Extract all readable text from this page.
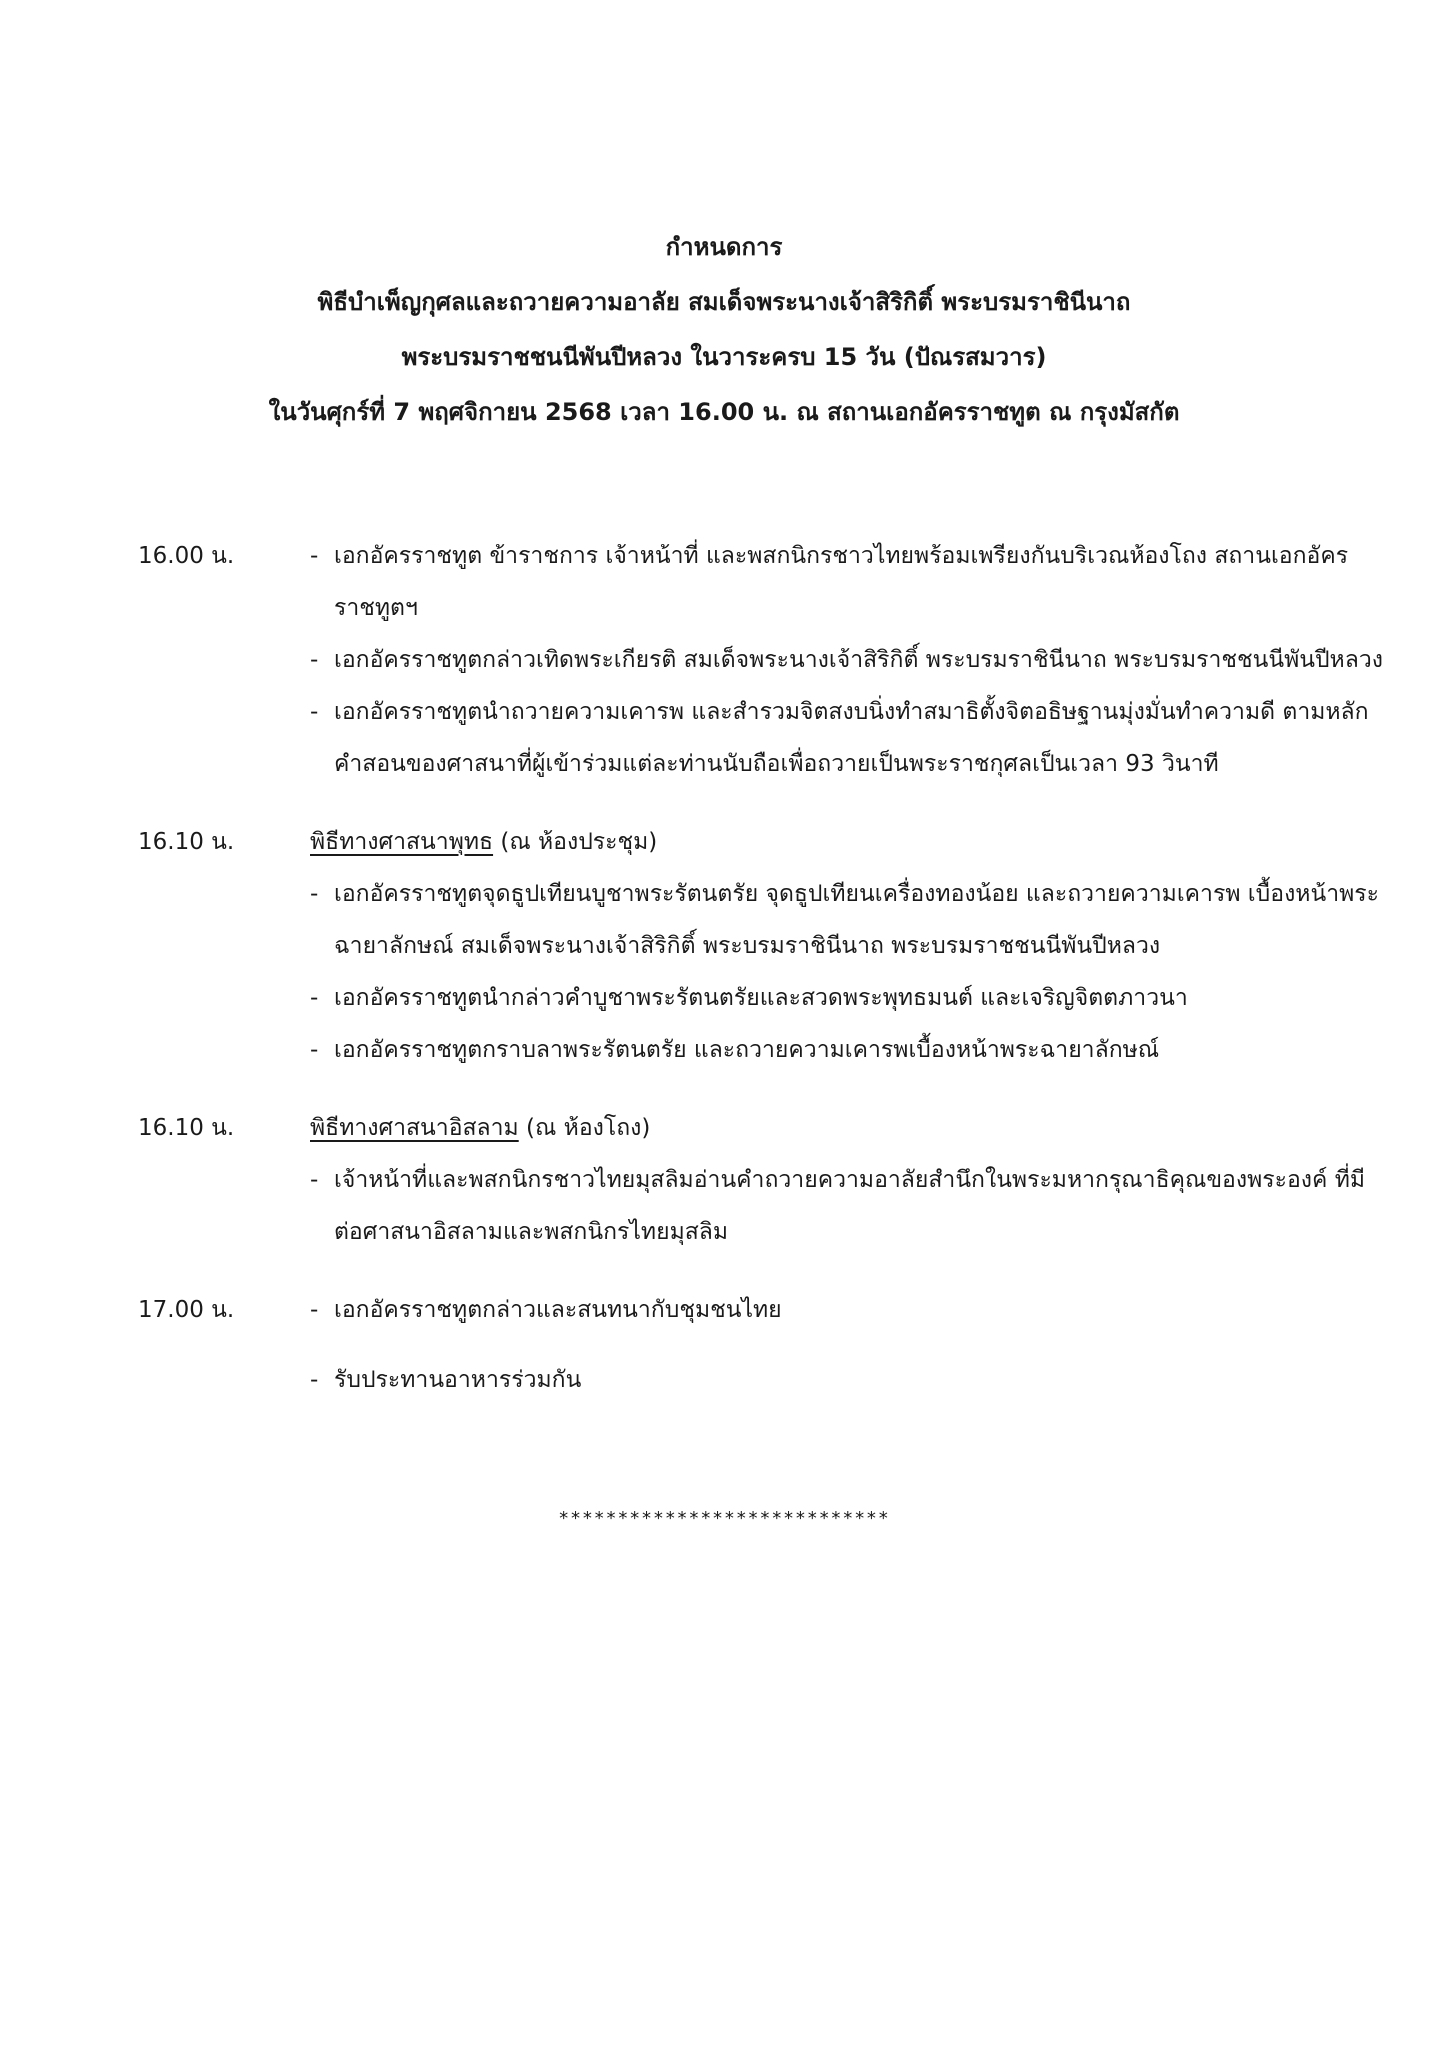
กำหนดการ
พิธีบำเพ็ญกุศลและถวายความอาลัย สมเด็จพระนางเจ้าสิริกิติ์ พระบรมราชินีนาถ
พระบรมราชชนนีพันปีหลวง ในวาระครบ 15 วัน (ปัณรสมวาร)
ในวันศุกร์ที่ 7 พฤศจิกายน 2568 เวลา 16.00 น. ณ สถานเอกอัครราชทูต ณ กรุงมัสกัต
16.00 น.	- เอกอัครราชทูต ข้าราชการ เจ้าหน้าที่ และพสกนิกรชาวไทยพร้อมเพรียงกันบริเวณห้องโถง สถานเอกอัครราชทูตฯ
- เอกอัครราชทูตกล่าวเทิดพระเกียรติ สมเด็จพระนางเจ้าสิริกิติ์ พระบรมราชินีนาถ พระบรมราชชนนีพันปีหลวง
- เอกอัครราชทูตนำถวายความเคารพ และสำรวมจิตสงบนิ่งทำสมาธิตั้งจิตอธิษฐานมุ่งมั่นทำความดี ตามหลักคำสอนของศาสนาที่ผู้เข้าร่วมแต่ละท่านนับถือเพื่อถวายเป็นพระราชกุศลเป็นเวลา 93 วินาที
16.10 น.	พิธีทางศาสนาพุทธ (ณ ห้องประชุม)
- เอกอัครราชทูตจุดธูปเทียนบูชาพระรัตนตรัย จุดธูปเทียนเครื่องทองน้อย และถวายความเคารพ เบื้องหน้าพระฉายาลักษณ์ สมเด็จพระนางเจ้าสิริกิติ์ พระบรมราชินีนาถ พระบรมราชชนนีพันปีหลวง
- เอกอัครราชทูตนำกล่าวคำบูชาพระรัตนตรัยและสวดพระพุทธมนต์ และเจริญจิตตภาวนา
- เอกอัครราชทูตกราบลาพระรัตนตรัย และถวายความเคารพเบื้องหน้าพระฉายาลักษณ์
16.10 น.	พิธีทางศาสนาอิสลาม (ณ ห้องโถง)
- เจ้าหน้าที่และพสกนิกรชาวไทยมุสลิมอ่านคำถวายความอาลัยสำนึกในพระมหากรุณาธิคุณของพระองค์ ที่มีต่อศาสนาอิสลามและพสกนิกรไทยมุสลิม
17.00 น.	- เอกอัครราชทูตกล่าวและสนทนากับชุมชนไทย
- รับประทานอาหารร่วมกัน
****************************
